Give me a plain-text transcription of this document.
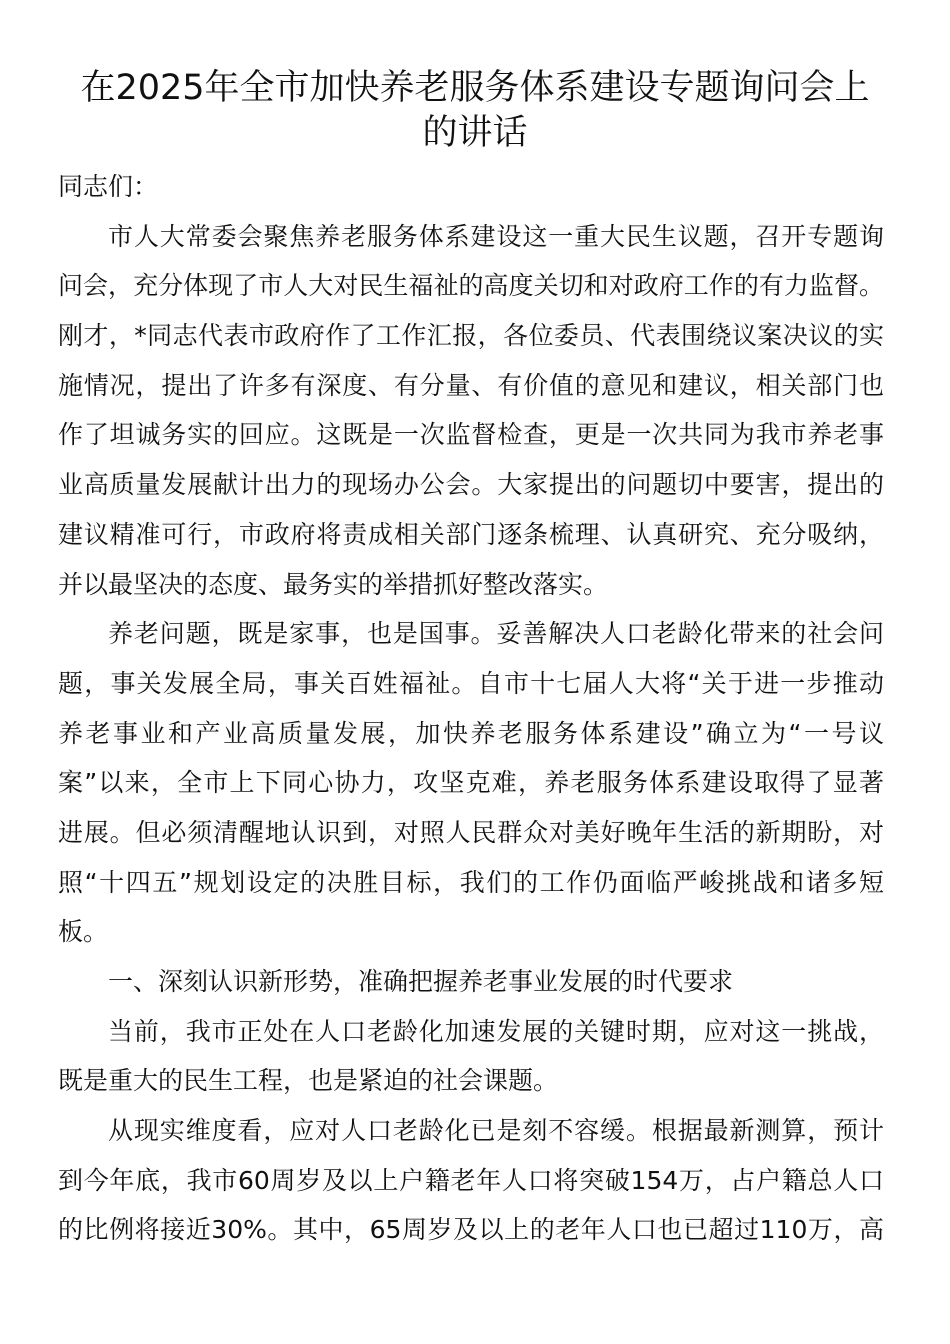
在2025年全市加快养老服务体系建设专题询问会上
的讲话
同志们：
市人大常委会聚焦养老服务体系建设这一重大民生议题，召开专题询
问会，充分体现了市人大对民生福祉的高度关切和对政府工作的有力监督。
刚才，*同志代表市政府作了工作汇报，各位委员、代表围绕议案决议的实
施情况，提出了许多有深度、有分量、有价值的意见和建议，相关部门也
作了坦诚务实的回应。这既是一次监督检查，更是一次共同为我市养老事
业高质量发展献计出力的现场办公会。大家提出的问题切中要害，提出的
建议精准可行，市政府将责成相关部门逐条梳理、认真研究、充分吸纳，
并以最坚决的态度、最务实的举措抓好整改落实。
养老问题，既是家事，也是国事。妥善解决人口老龄化带来的社会问
题，事关发展全局，事关百姓福祉。自市十七届人大将“关于进一步推动
养老事业和产业高质量发展，加快养老服务体系建设”确立为“一号议
案”以来，全市上下同心协力，攻坚克难，养老服务体系建设取得了显著
进展。但必须清醒地认识到，对照人民群众对美好晚年生活的新期盼，对
照“十四五”规划设定的决胜目标，我们的工作仍面临严峻挑战和诸多短
板。
一、深刻认识新形势，准确把握养老事业发展的时代要求
当前，我市正处在人口老龄化加速发展的关键时期，应对这一挑战，
既是重大的民生工程，也是紧迫的社会课题。
从现实维度看，应对人口老龄化已是刻不容缓。根据最新测算，预计
到今年底，我市60周岁及以上户籍老年人口将突破154万，占户籍总人口
的比例将接近30%。其中，65周岁及以上的老年人口也已超过110万，高
